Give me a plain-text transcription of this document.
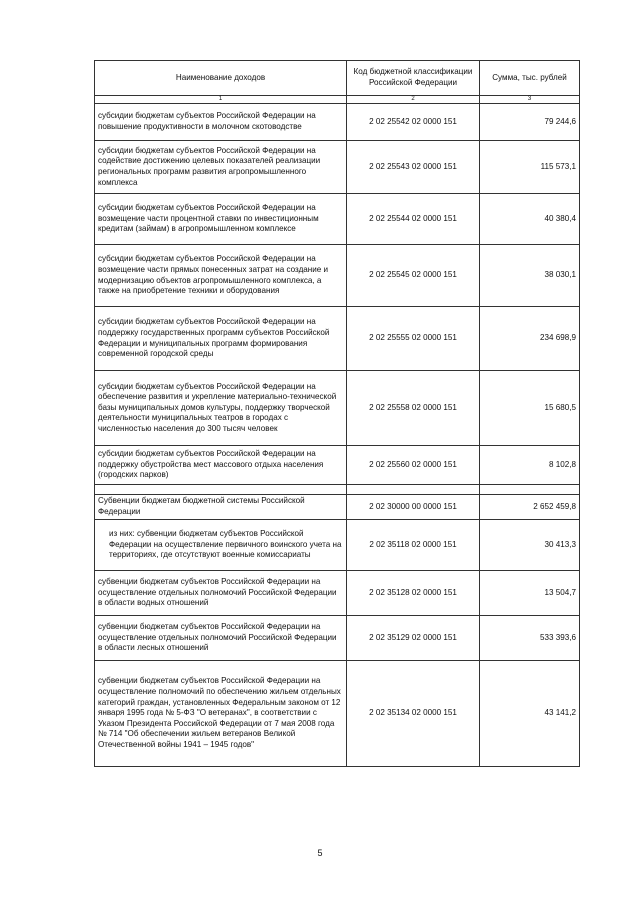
Наименование доходов	Код бюджетной классификации Российской Федерации	Сумма, тыс. рублей
1	2	3
субсидии бюджетам субъектов Российской Федерации на повышение продуктивности в молочном скотоводстве	2 02 25542 02 0000 151	79 244,6
субсидии бюджетам субъектов Российской Федерации на содействие достижению целевых показателей реализации региональных программ развития агропромышленного комплекса	2 02 25543 02 0000 151	115 573,1
субсидии бюджетам субъектов Российской Федерации на возмещение части процентной ставки по инвестиционным кредитам (займам) в агропромышленном комплексе	2 02 25544 02 0000 151	40 380,4
субсидии бюджетам субъектов Российской Федерации на возмещение части прямых понесенных затрат на создание и модернизацию объектов агропромышленного комплекса, а также на приобретение техники и оборудования	2 02 25545 02 0000 151	38 030,1
субсидии бюджетам субъектов Российской Федерации на поддержку государственных программ субъектов Российской Федерации и муниципальных программ формирования современной городской среды	2 02 25555 02 0000 151	234 698,9
субсидии бюджетам субъектов Российской Федерации на обеспечение развития и укрепление материально-технической базы муниципальных домов культуры, поддержку творческой деятельности муниципальных театров в городах с численностью населения до 300 тысяч человек	2 02 25558 02 0000 151	15 680,5
субсидии бюджетам субъектов Российской Федерации на поддержку обустройства мест массового отдыха населения (городских парков)	2 02 25560 02 0000 151	8 102,8

Субвенции бюджетам бюджетной системы Российской Федерации	2 02 30000 00 0000 151	2 652 459,8
из них: субвенции бюджетам субъектов Российской Федерации на осуществление первичного воинского учета на территориях, где отсутствуют военные комиссариаты	2 02 35118 02 0000 151	30 413,3
субвенции бюджетам субъектов Российской Федерации на осуществление отдельных полномочий Российской Федерации в области водных отношений	2 02 35128 02 0000 151	13 504,7
субвенции бюджетам субъектов Российской Федерации на осуществление отдельных полномочий Российской Федерации в области лесных отношений	2 02 35129 02 0000 151	533 393,6
субвенции бюджетам субъектов Российской Федерации на осуществление полномочий по обеспечению жильем отдельных категорий граждан, установленных Федеральным законом от 12 января 1995 года № 5-ФЗ "О ветеранах", в соответствии с Указом Президента Российской Федерации от 7 мая 2008 года № 714 "Об обеспечении жильем ветеранов Великой Отечественной войны 1941 – 1945 годов"	2 02 35134 02 0000 151	43 141,2
5
